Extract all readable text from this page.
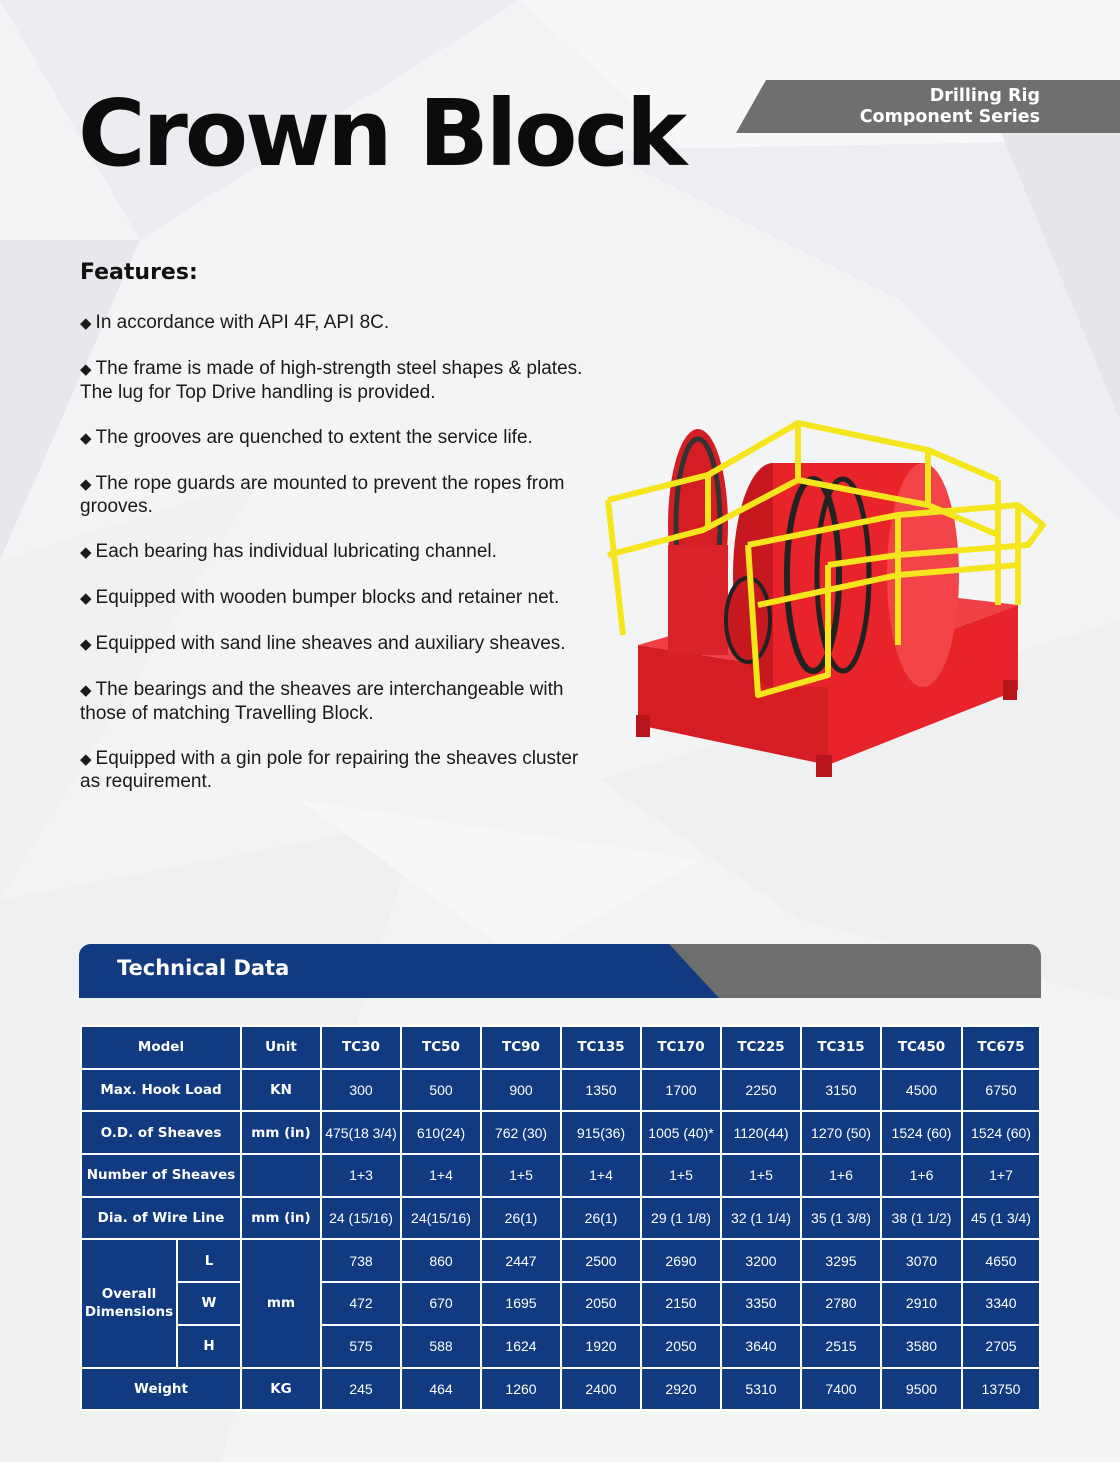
Crown Block	Drilling Rig
Component Series
Features:
◆ In accordance with API 4F, API 8C.
◆ The frame is made of high-strength steel shapes & plates.
The lug for Top Drive handling is provided.
◆ The grooves are quenched to extent the service life.
◆ The rope guards are mounted to prevent the ropes from
grooves.
◆ Each bearing has individual lubricating channel.
◆ Equipped with wooden bumper blocks and retainer net.
◆ Equipped with sand line sheaves and auxiliary sheaves.
◆ The bearings and the sheaves are interchangeable with
those of matching Travelling Block.
◆ Equipped with a gin pole for repairing the sheaves cluster
as requirement.
Technical Data
Model		Unit	TC30	TC50	TC90	TC135	TC170	TC225	TC315	TC450	TC675
Max. Hook Load		KN	300	500	900	1350	1700	2250	3150	4500	6750
O.D. of Sheaves		mm (in)	475(18 3/4)	610(24)	762 (30)	915(36)	1005 (40)*	1120(44)	1270 (50)	1524 (60)	1524 (60)
Number of Sheaves			1+3	1+4	1+5	1+4	1+5	1+5	1+6	1+6	1+7
Dia. of Wire Line		mm (in)	24 (15/16)	24(15/16)	26(1)	26(1)	29 (1 1/8)	32 (1 1/4)	35 (1 3/8)	38 (1 1/2)	45 (1 3/4)
Overall
Dimensions	L	mm	738	860	2447	2500	2690	3200	3295	3070	4650
	W		472	670	1695	2050	2150	3350	2780	2910	3340
	H		575	588	1624	1920	2050	3640	2515	3580	2705
Weight		KG	245	464	1260	2400	2920	5310	7400	9500	13750
